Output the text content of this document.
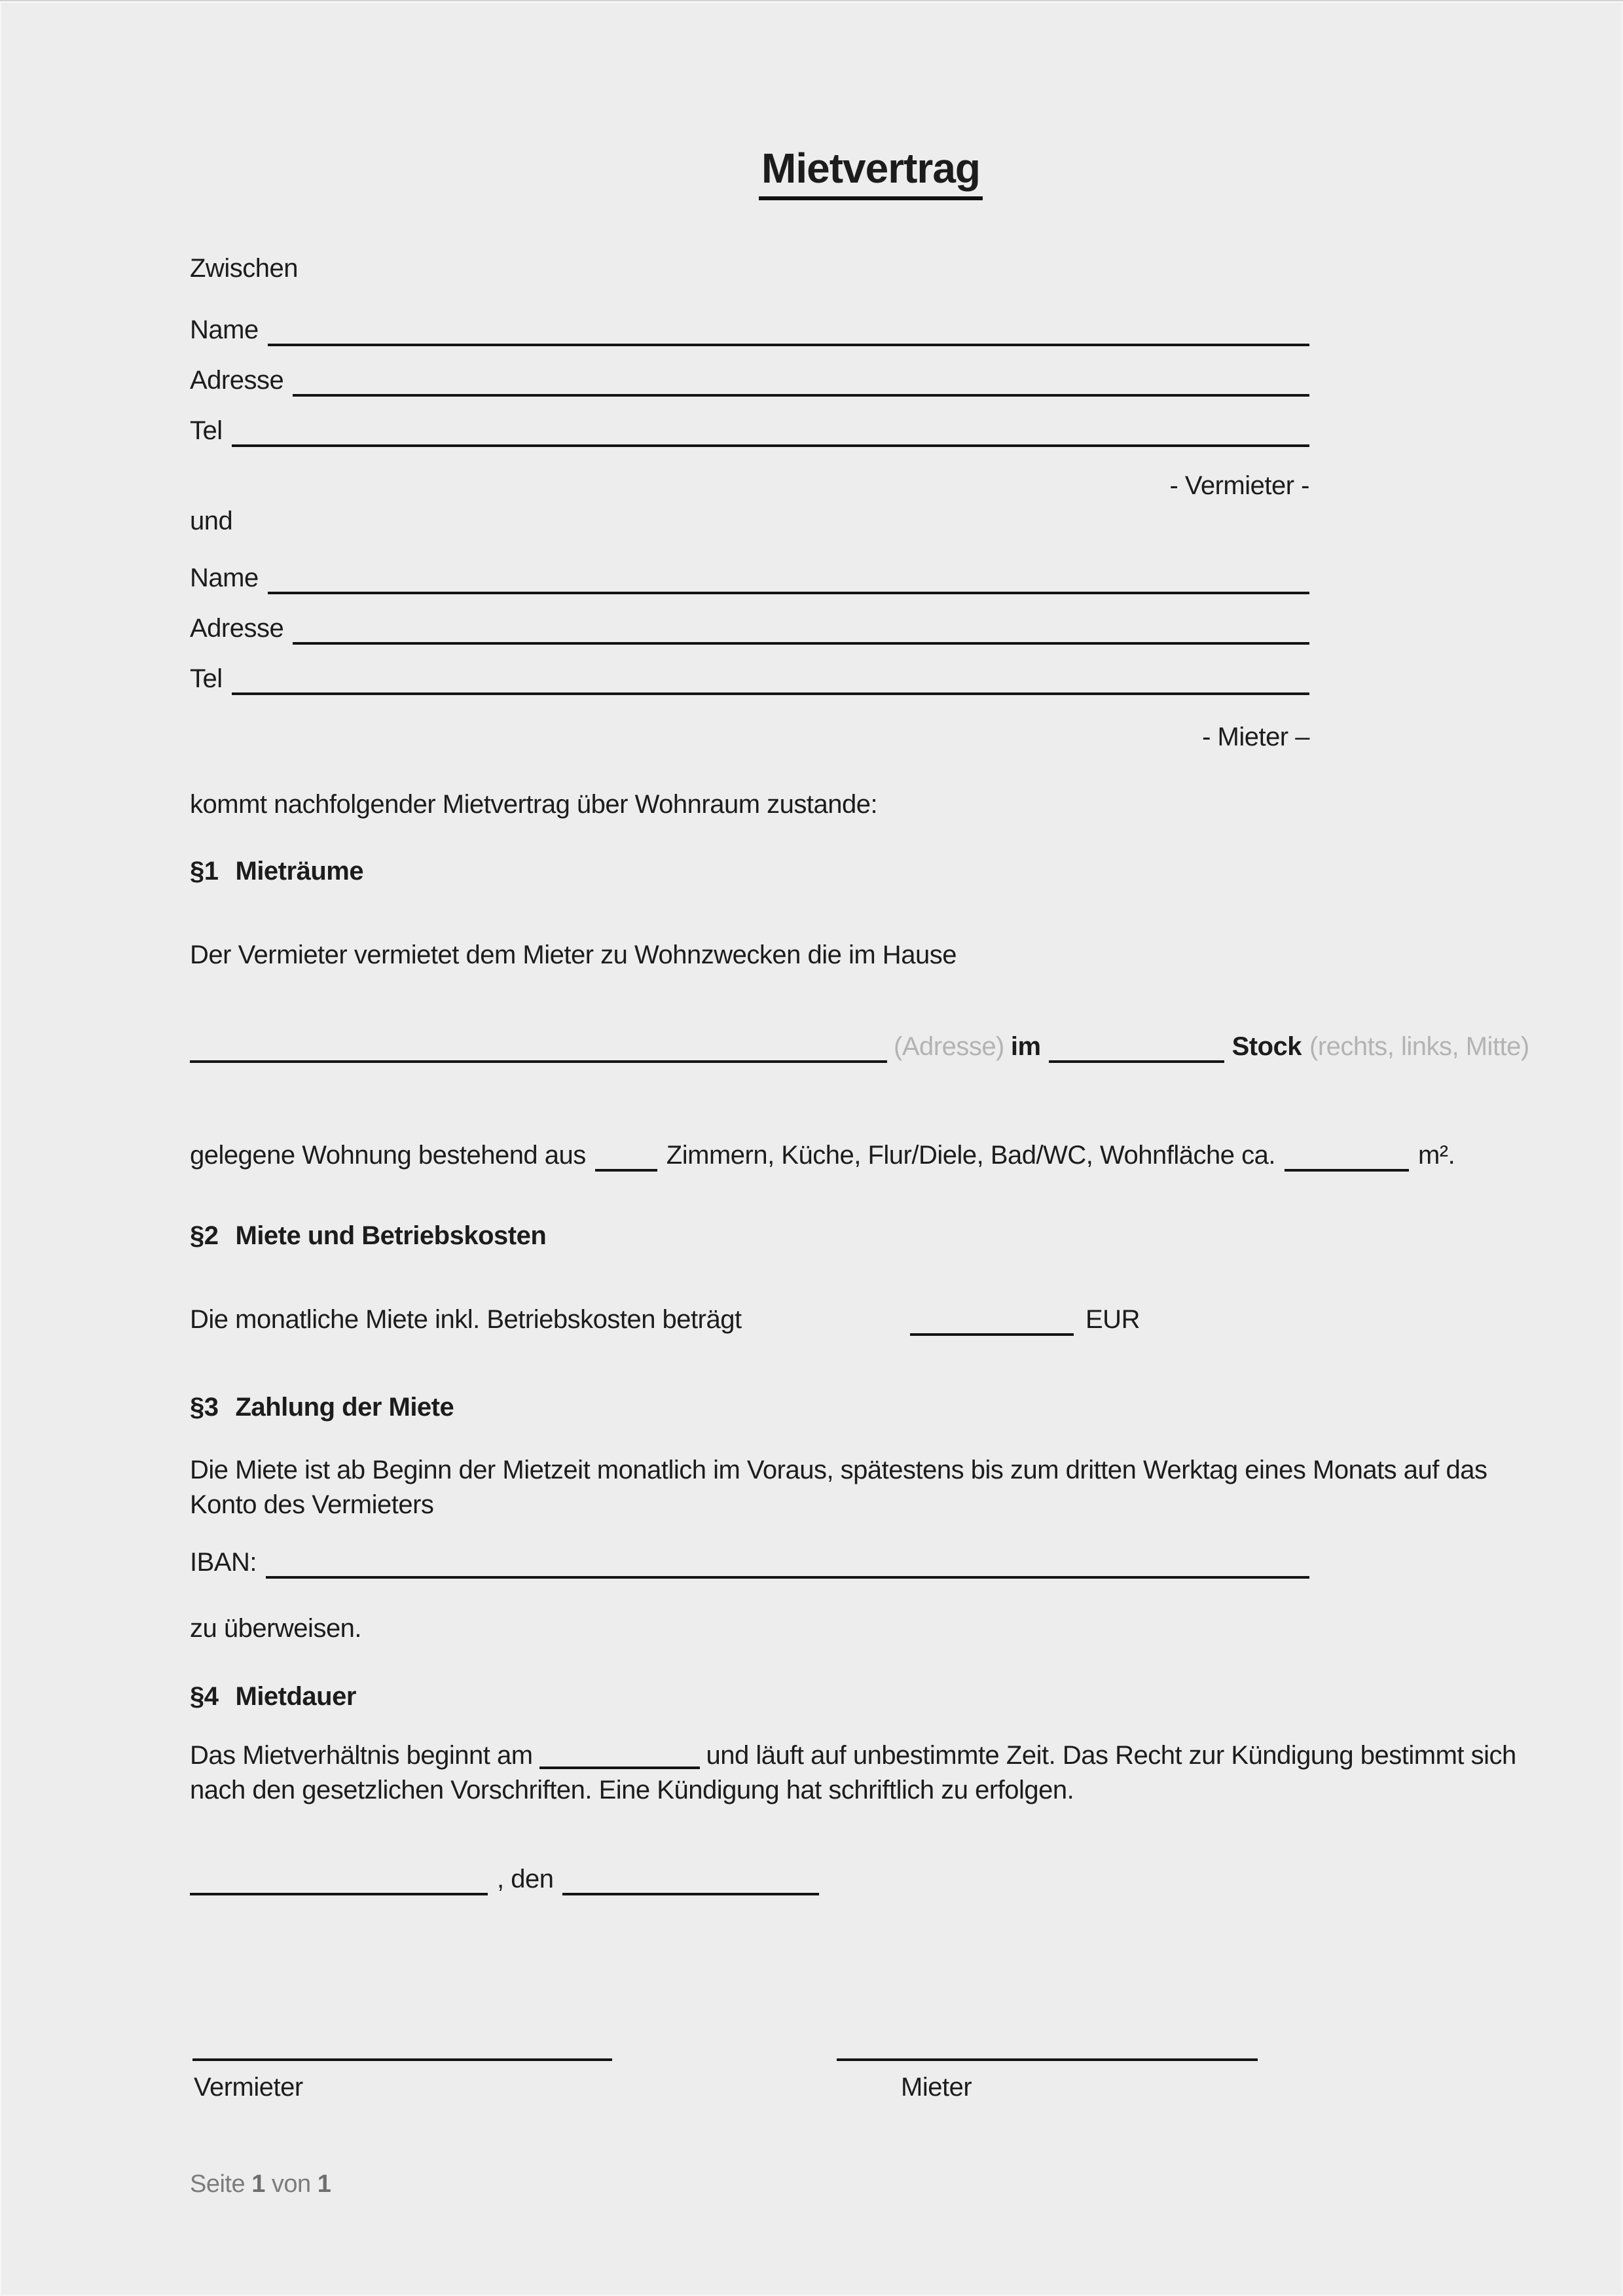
Mietvertrag
Zwischen
Name
Adresse
Tel
- Vermieter -
und
Name
Adresse
Tel
- Mieter –
kommt nachfolgender Mietvertrag über Wohnraum zustande:
§1 Mieträume
Der Vermieter vermietet dem Mieter zu Wohnzwecken die im Hause
(Adresse) im	Stock (rechts, links, Mitte)
gelegene Wohnung bestehend aus	Zimmern, Küche, Flur/Diele, Bad/WC, Wohnfläche ca.	m².
§2 Miete und Betriebskosten
Die monatliche Miete inkl. Betriebskosten beträgt	EUR
§3 Zahlung der Miete
Die Miete ist ab Beginn der Mietzeit monatlich im Voraus, spätestens bis zum dritten Werktag eines Monats auf das Konto des Vermieters
IBAN:
zu überweisen.
§4 Mietdauer
Das Mietverhältnis beginnt am	und läuft auf unbestimmte Zeit. Das Recht zur Kündigung bestimmt sich nach den gesetzlichen Vorschriften. Eine Kündigung hat schriftlich zu erfolgen.
, den
Vermieter	Mieter
Seite 1 von 1
